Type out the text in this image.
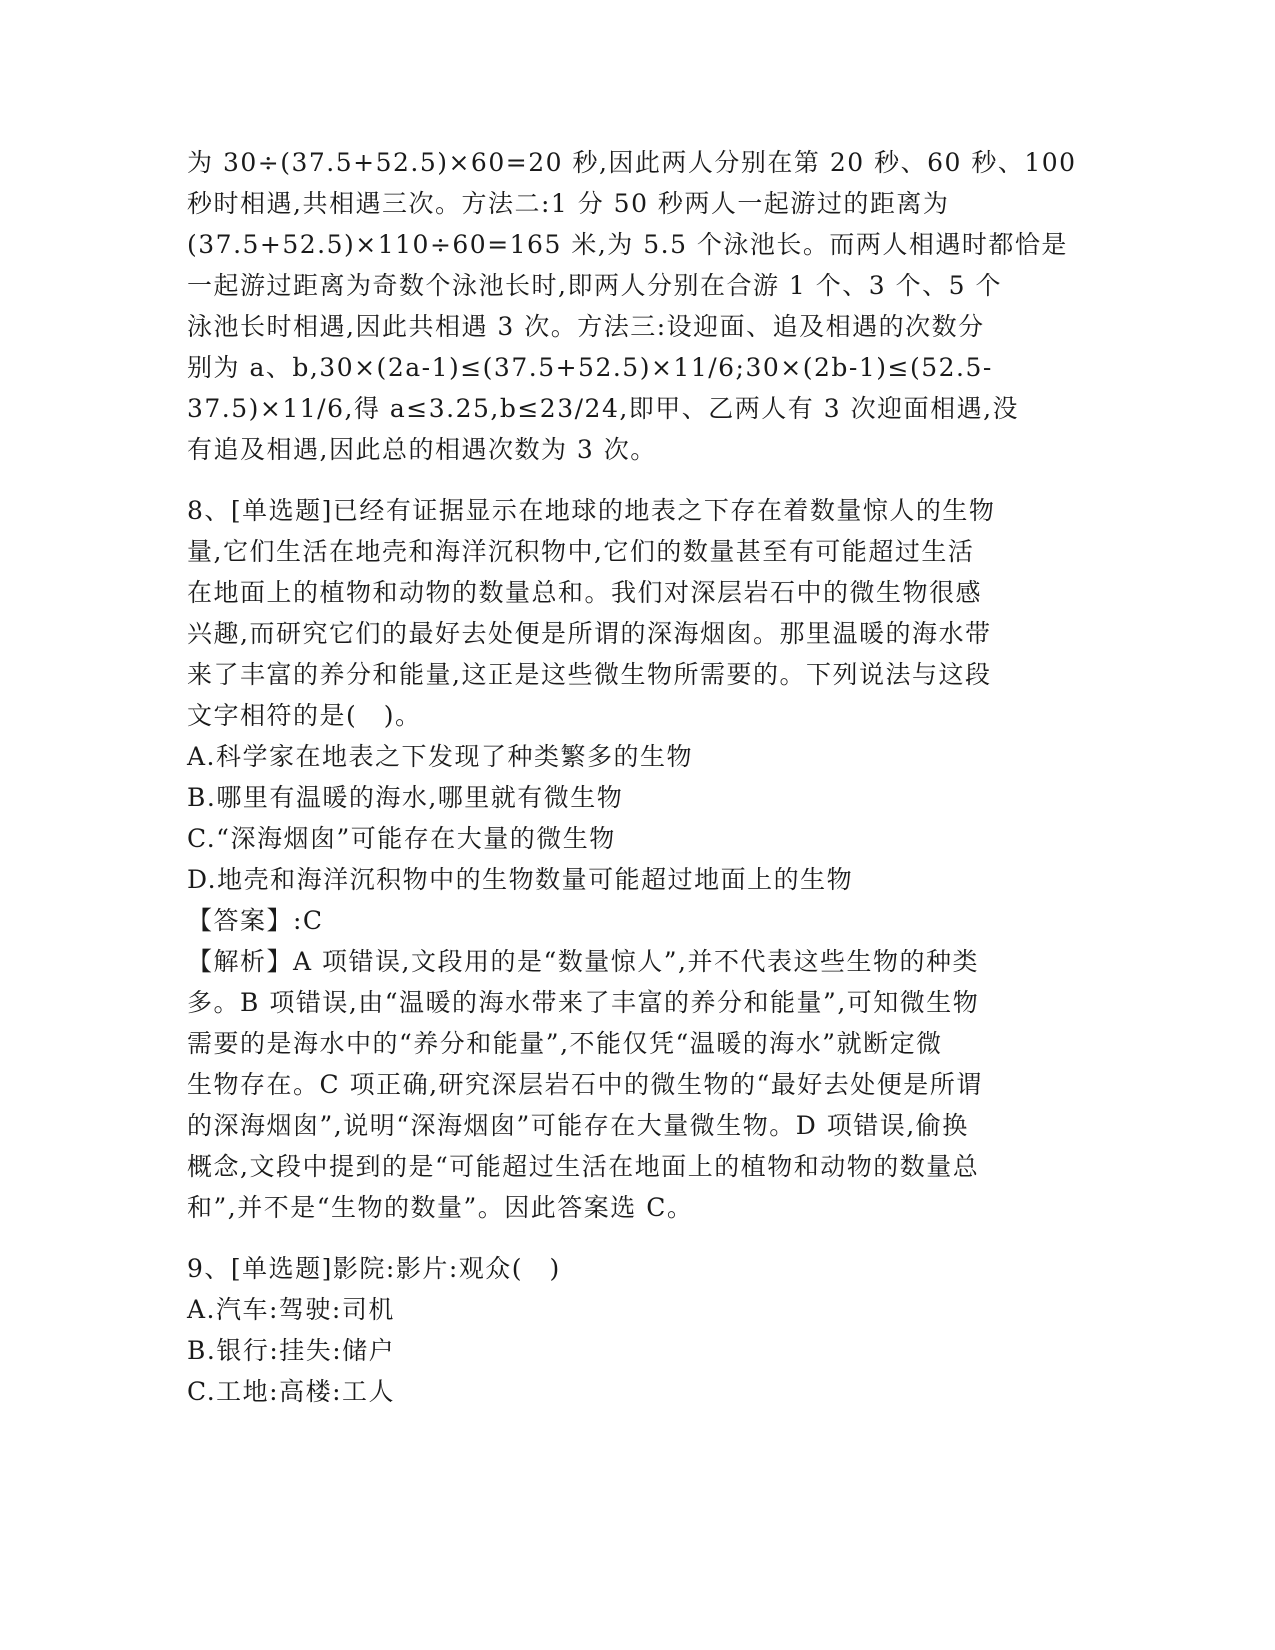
为 30÷(37.5+52.5)×60=20 秒,因此两人分别在第 20 秒、60 秒、100
秒时相遇,共相遇三次。方法二:1 分 50 秒两人一起游过的距离为
(37.5+52.5)×110÷60=165 米,为 5.5 个泳池长。而两人相遇时都恰是
一起游过距离为奇数个泳池长时,即两人分别在合游 1 个、3 个、5 个
泳池长时相遇,因此共相遇 3 次。方法三:设迎面、追及相遇的次数分
别为 a、b,30×(2a-1)≤(37.5+52.5)×11/6;30×(2b-1)≤(52.5-
37.5)×11/6,得 a≤3.25,b≤23/24,即甲、乙两人有 3 次迎面相遇,没
有追及相遇,因此总的相遇次数为 3 次。
8、[单选题]已经有证据显示在地球的地表之下存在着数量惊人的生物
量,它们生活在地壳和海洋沉积物中,它们的数量甚至有可能超过生活
在地面上的植物和动物的数量总和。我们对深层岩石中的微生物很感
兴趣,而研究它们的最好去处便是所谓的深海烟囱。那里温暖的海水带
来了丰富的养分和能量,这正是这些微生物所需要的。下列说法与这段
文字相符的是(　)。
A.科学家在地表之下发现了种类繁多的生物
B.哪里有温暖的海水,哪里就有微生物
C.“深海烟囱”可能存在大量的微生物
D.地壳和海洋沉积物中的生物数量可能超过地面上的生物
【答案】:C
【解析】A 项错误,文段用的是“数量惊人”,并不代表这些生物的种类
多。B 项错误,由“温暖的海水带来了丰富的养分和能量”,可知微生物
需要的是海水中的“养分和能量”,不能仅凭“温暖的海水”就断定微
生物存在。C 项正确,研究深层岩石中的微生物的“最好去处便是所谓
的深海烟囱”,说明“深海烟囱”可能存在大量微生物。D 项错误,偷换
概念,文段中提到的是“可能超过生活在地面上的植物和动物的数量总
和”,并不是“生物的数量”。因此答案选 C。
9、[单选题]影院:影片:观众(　)
A.汽车:驾驶:司机
B.银行:挂失:储户
C.工地:高楼:工人
